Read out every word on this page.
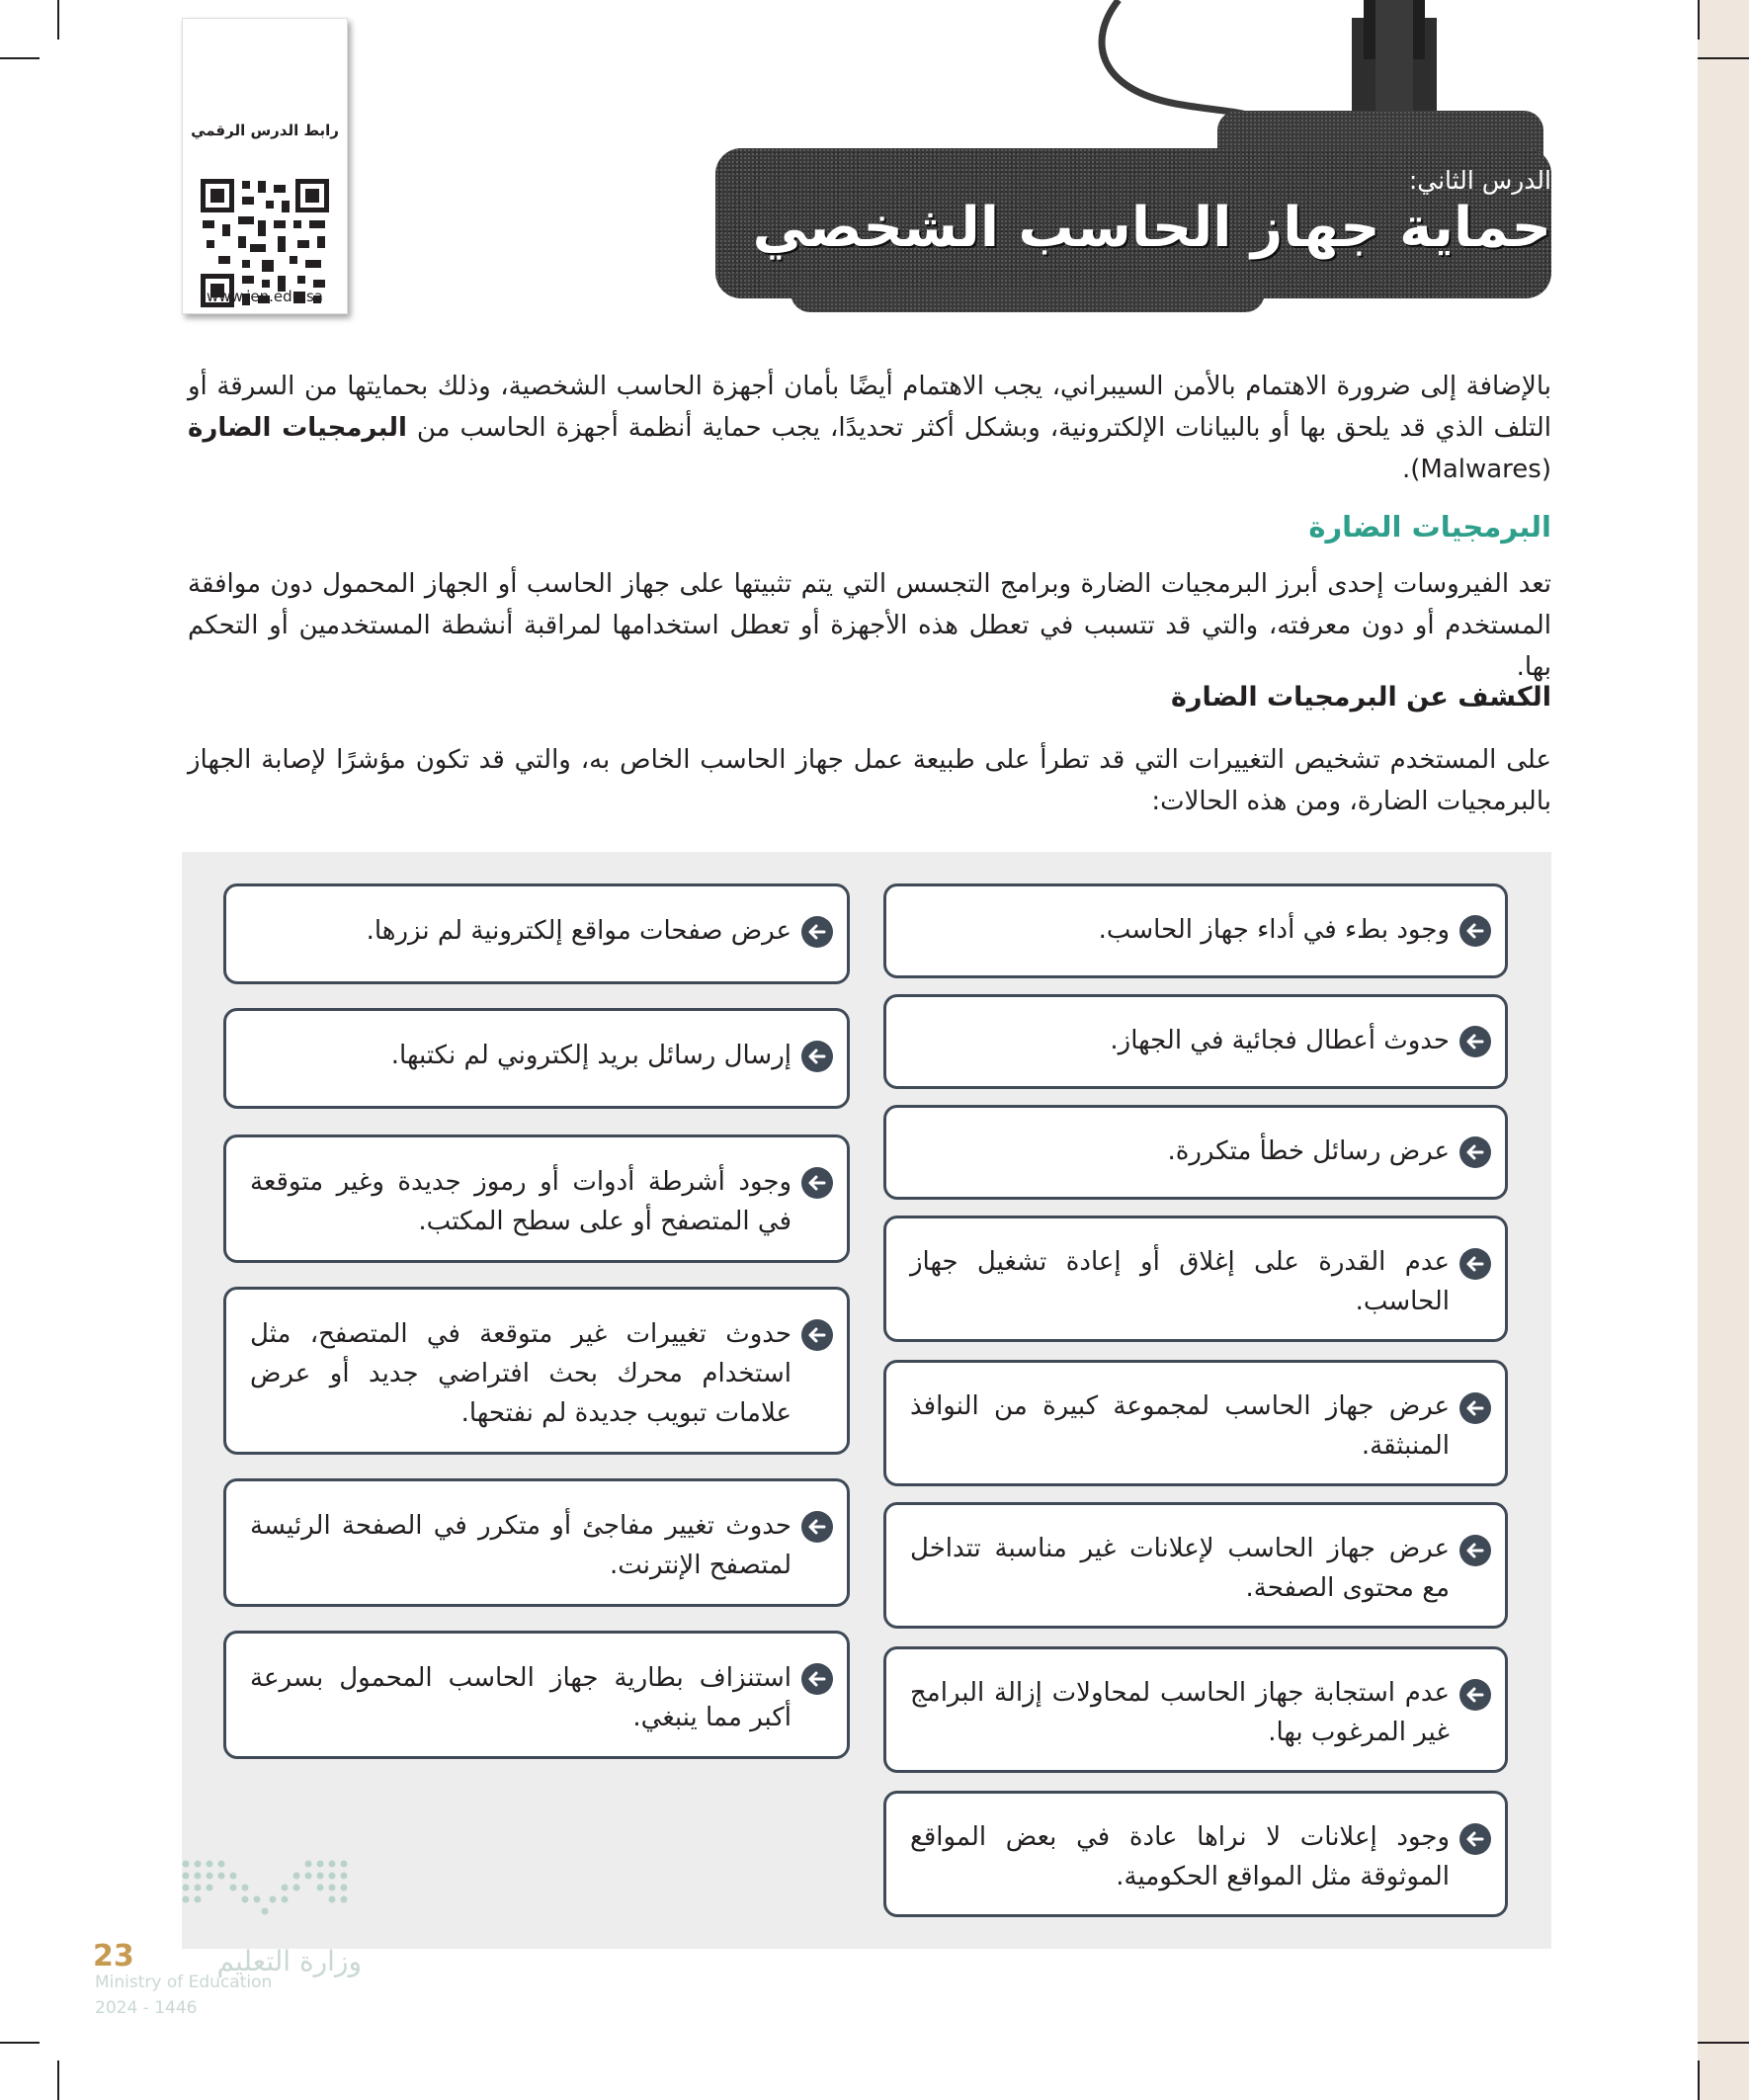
رابط الدرس الرقمي
www.ien.edu.sa
الدرس الثاني:
حماية جهاز الحاسب الشخصي
بالإضافة إلى ضرورة الاهتمام بالأمن السيبراني، يجب الاهتمام أيضًا بأمان أجهزة الحاسب الشخصية، وذلك بحمايتها من السرقة أو التلف الذي قد يلحق بها أو بالبيانات الإلكترونية، وبشكل أكثر تحديدًا، يجب حماية أنظمة أجهزة الحاسب من البرمجيات الضارة (Malwares).
البرمجيات الضارة
تعد الفيروسات إحدى أبرز البرمجيات الضارة وبرامج التجسس التي يتم تثبيتها على جهاز الحاسب أو الجهاز المحمول دون موافقة المستخدم أو دون معرفته، والتي قد تتسبب في تعطل هذه الأجهزة أو تعطل استخدامها لمراقبة أنشطة المستخدمين أو التحكم بها.
الكشف عن البرمجيات الضارة
على المستخدم تشخيص التغييرات التي قد تطرأ على طبيعة عمل جهاز الحاسب الخاص به، والتي قد تكون مؤشرًا لإصابة الجهاز بالبرمجيات الضارة، ومن هذه الحالات:
وجود بطء في أداء جهاز الحاسب.
حدوث أعطال فجائية في الجهاز.
عرض رسائل خطأ متكررة.
عدم القدرة على إغلاق أو إعادة تشغيل جهاز الحاسب.
عرض جهاز الحاسب لمجموعة كبيرة من النوافذ المنبثقة.
عرض جهاز الحاسب لإعلانات غير مناسبة تتداخل مع محتوى الصفحة.
عدم استجابة جهاز الحاسب لمحاولات إزالة البرامج غير المرغوب بها.
وجود إعلانات لا نراها عادة في بعض المواقع الموثوقة مثل المواقع الحكومية.
عرض صفحات مواقع إلكترونية لم نزرها.
إرسال رسائل بريد إلكتروني لم نكتبها.
وجود أشرطة أدوات أو رموز جديدة وغير متوقعة في المتصفح أو على سطح المكتب.
حدوث تغييرات غير متوقعة في المتصفح، مثل استخدام محرك بحث افتراضي جديد أو عرض علامات تبويب جديدة لم نفتحها.
حدوث تغيير مفاجئ أو متكرر في الصفحة الرئيسة لمتصفح الإنترنت.
استنزاف بطارية جهاز الحاسب المحمول بسرعة أكبر مما ينبغي.
وزارة التعليم
Ministry of Education
2024 - 1446
23
